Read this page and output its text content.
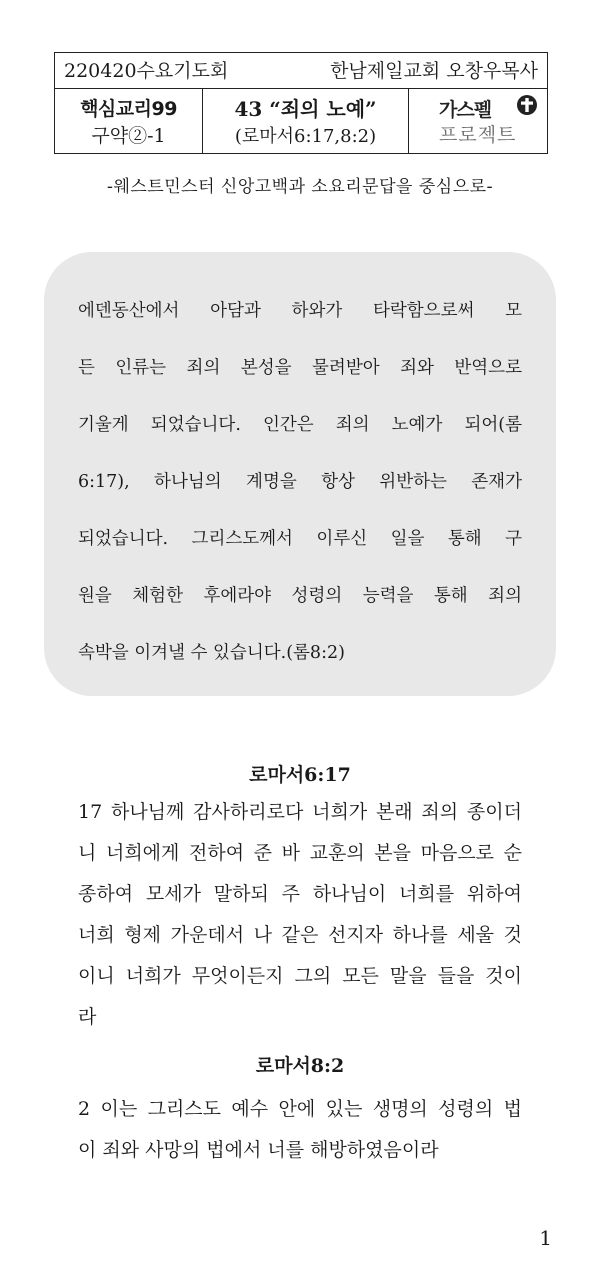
220420수요기도회	한남제일교회 오창우목사
핵심교리99
구약②-1
43 “죄의 노예”
(로마서6:17,8:2)
가스펠
프로젝트
-웨스트민스터 신앙고백과 소요리문답을 중심으로-
에덴동산에서 아담과 하와가 타락함으로써 모
든 인류는 죄의 본성을 물려받아 죄와 반역으로
기울게 되었습니다. 인간은 죄의 노예가 되어(롬
6:17), 하나님의 계명을 항상 위반하는 존재가
되었습니다. 그리스도께서 이루신 일을 통해 구
원을 체험한 후에라야 성령의 능력을 통해 죄의
속박을 이겨낼 수 있습니다.(롬8:2)
로마서6:17
17 하나님께 감사하리로다 너희가 본래 죄의 종이더
니 너희에게 전하여 준 바 교훈의 본을 마음으로 순
종하여 모세가 말하되 주 하나님이 너희를 위하여
너희 형제 가운데서 나 같은 선지자 하나를 세울 것
이니 너희가 무엇이든지 그의 모든 말을 들을 것이
라
로마서8:2
2 이는 그리스도 예수 안에 있는 생명의 성령의 법
이 죄와 사망의 법에서 너를 해방하였음이라
1
